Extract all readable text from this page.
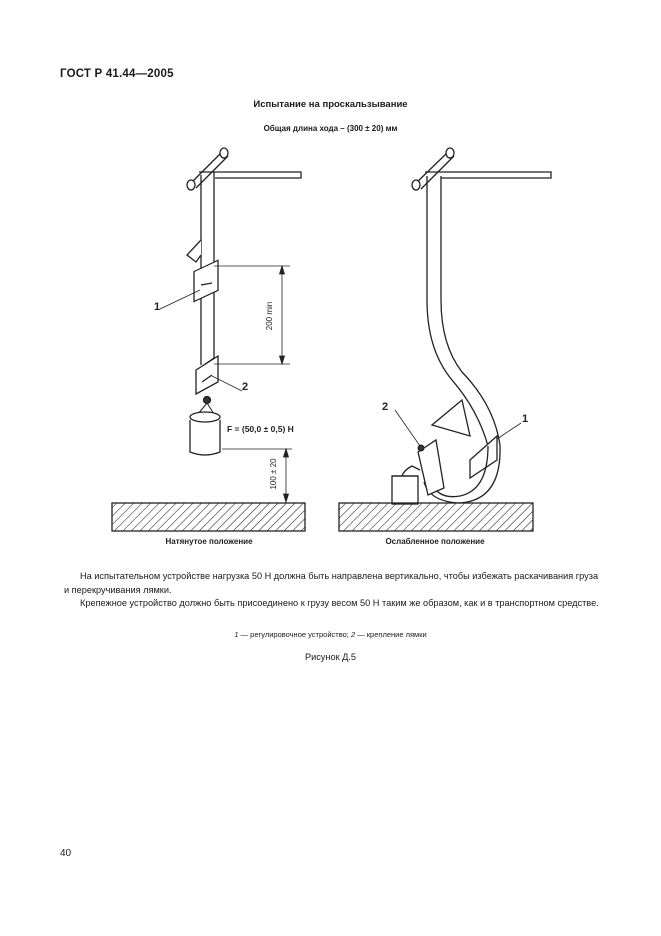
ГОСТ Р 41.44—2005
Испытание на проскальзывание
Общая длина хода – (300 ± 20) мм
200 min
100 ± 20
F = (50,0 ± 0,5) Н
1
2
Натянутое положение
2
1
Ослабленное положение

На испытательном устройстве нагрузка 50 Н должна быть направлена вертикально, чтобы избежать раскачивания груза и перекручивания лямки.

Крепежное устройство должно быть присоединено к грузу весом 50 Н таким же образом, как и в транспортном средстве.

1 — регулировочное устройство; 2 — крепление лямки
Рисунок Д.5
40
